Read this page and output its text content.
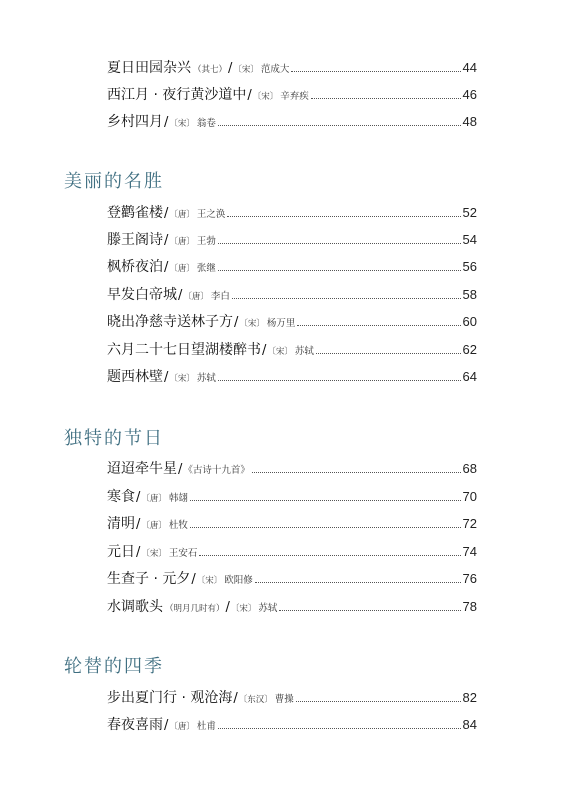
夏日田园杂兴 （其七） / 〔宋〕 范成大	44
西江月 · 夜行黄沙道中 / 〔宋〕 辛弃疾	46
乡村四月 / 〔宋〕 翁卷	48
美丽的名胜
登鹳雀楼 / 〔唐〕 王之涣	52
滕王阁诗 / 〔唐〕 王勃	54
枫桥夜泊 / 〔唐〕 张继	56
早发白帝城 / 〔唐〕 李白	58
晓出净慈寺送林子方 / 〔宋〕 杨万里	60
六月二十七日望湖楼醉书 / 〔宋〕 苏轼	62
题西林壁 / 〔宋〕 苏轼	64
独特的节日
迢迢牵牛星 / 《古诗十九首》	68
寒食 / 〔唐〕 韩翃	70
清明 / 〔唐〕 杜牧	72
元日 / 〔宋〕 王安石	74
生查子 · 元夕 / 〔宋〕 欧阳修	76
水调歌头 （明月几时有） / 〔宋〕 苏轼	78
轮替的四季
步出夏门行 · 观沧海 / 〔东汉〕 曹操	82
春夜喜雨 / 〔唐〕 杜甫	84
